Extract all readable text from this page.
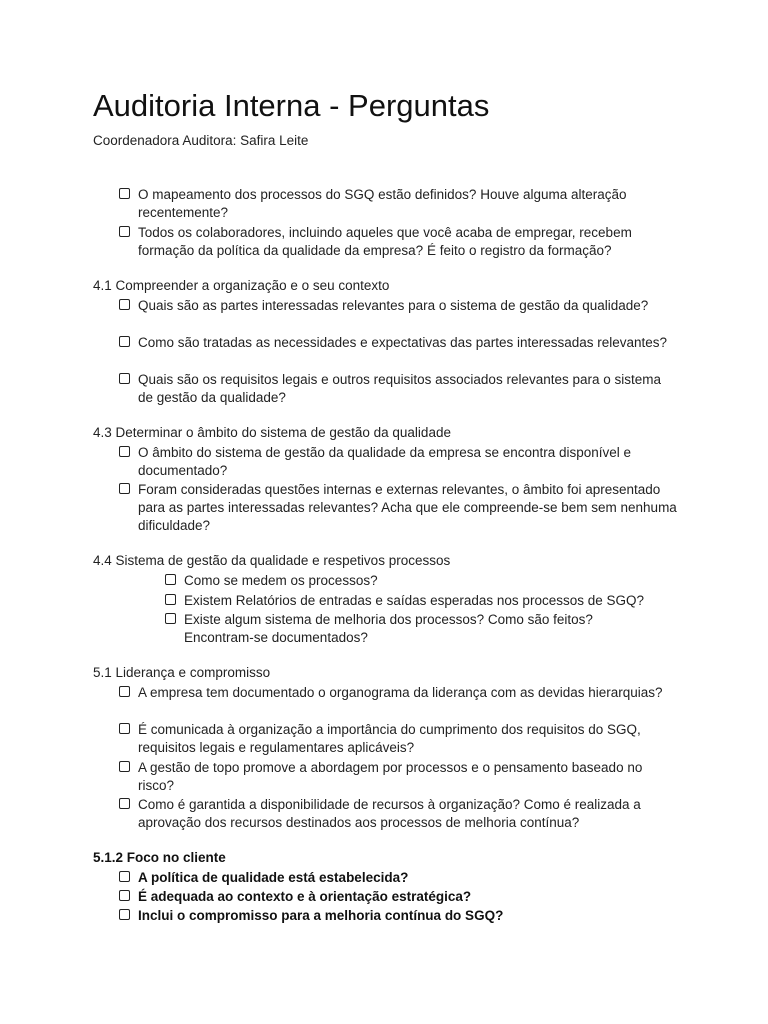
Auditoria Interna - Perguntas

Coordenadora Auditora: Safira Leite

O mapeamento dos processos do SGQ estão definidos? Houve alguma alteração recentemente?
Todos os colaboradores, incluindo aqueles que você acaba de empregar, recebem formação da política da qualidade da empresa? É feito o registro da formação?
4.1 Compreender a organização e o seu contexto
Quais são as partes interessadas relevantes para o sistema de gestão da qualidade?
Como são tratadas as necessidades e expectativas das partes interessadas relevantes?
Quais são os requisitos legais e outros requisitos associados relevantes para o sistema de gestão da qualidade?
4.3 Determinar o âmbito do sistema de gestão da qualidade
O âmbito do sistema de gestão da qualidade da empresa se encontra disponível e documentado?
Foram consideradas questões internas e externas relevantes, o âmbito foi apresentado para as partes interessadas relevantes? Acha que ele compreende-se bem sem nenhuma dificuldade?
4.4 Sistema de gestão da qualidade e respetivos processos
Como se medem os processos?
Existem Relatórios de entradas e saídas esperadas nos processos de SGQ?
Existe algum sistema de melhoria dos processos? Como são feitos? Encontram-se documentados?
5.1 Liderança e compromisso
A empresa tem documentado o organograma da liderança com as devidas hierarquias?
É comunicada à organização a importância do cumprimento dos requisitos do SGQ, requisitos legais e regulamentares aplicáveis?
A gestão de topo promove a abordagem por processos e o pensamento baseado no risco?
Como é garantida a disponibilidade de recursos à organização? Como é realizada a aprovação dos recursos destinados aos processos de melhoria contínua?
5.1.2 Foco no cliente
A política de qualidade está estabelecida?
É adequada ao contexto e à orientação estratégica?
Inclui o compromisso para a melhoria contínua do SGQ?
